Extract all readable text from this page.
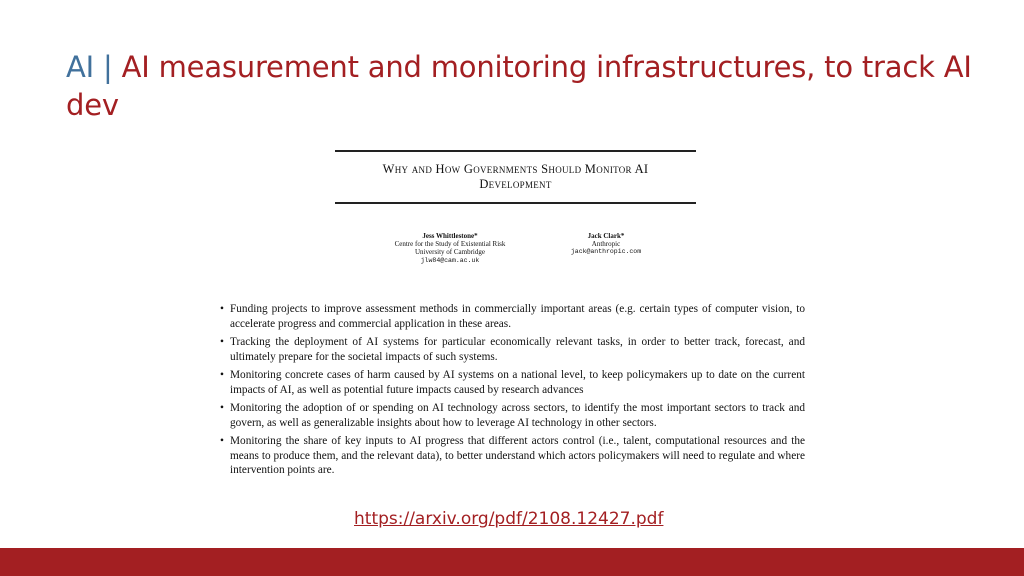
AI | AI measurement and monitoring infrastructures, to track AI dev
Why and How Governments Should Monitor AI
Development
Jess Whittlestone*
Centre for the Study of Existential Risk
University of Cambridge
jlw84@cam.ac.uk
Jack Clark*
Anthropic
jack@anthropic.com
• Funding projects to improve assessment methods in commercially important areas (e.g. certain types of computer vision, to accelerate progress and commercial application in these areas.
• Tracking the deployment of AI systems for particular economically relevant tasks, in order to better track, forecast, and ultimately prepare for the societal impacts of such systems.
• Monitoring concrete cases of harm caused by AI systems on a national level, to keep policymakers up to date on the current impacts of AI, as well as potential future impacts caused by research advances
• Monitoring the adoption of or spending on AI technology across sectors, to identify the most important sectors to track and govern, as well as generalizable insights about how to leverage AI technology in other sectors.
• Monitoring the share of key inputs to AI progress that different actors control (i.e., talent, computational resources and the means to produce them, and the relevant data), to better understand which actors policymakers will need to regulate and where intervention points are.
https://arxiv.org/pdf/2108.12427.pdf
